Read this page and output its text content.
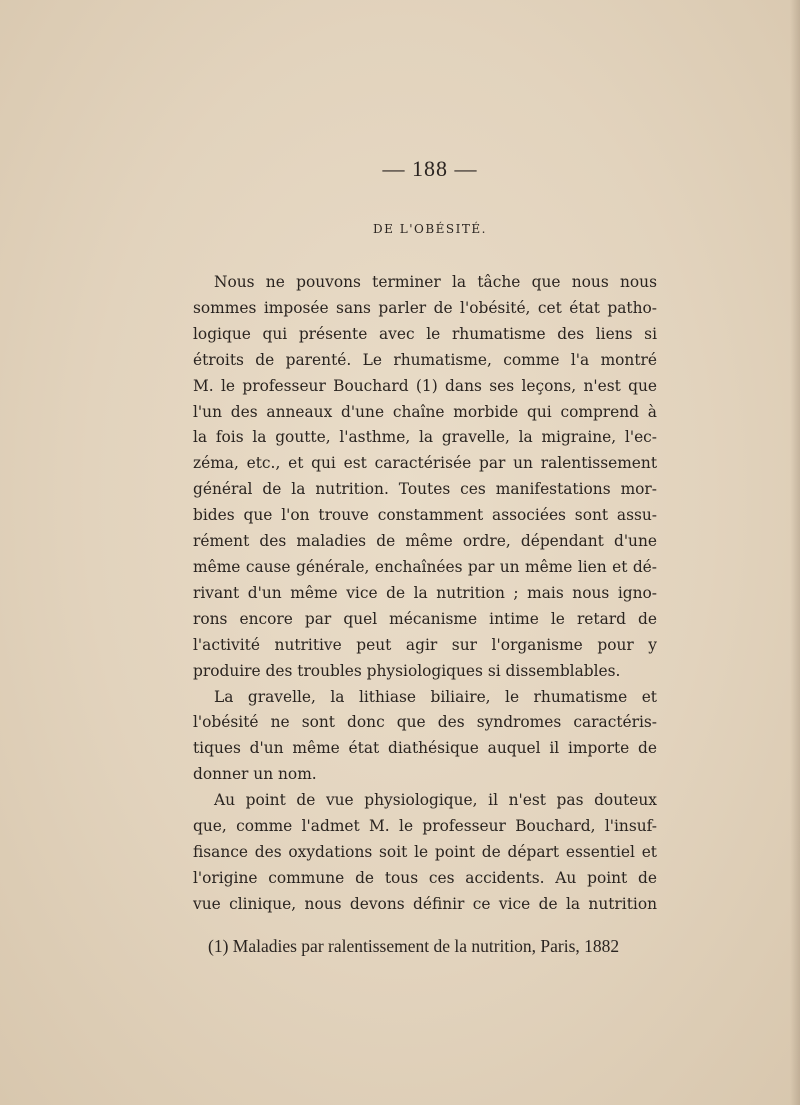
— 188 —
DE L'OBÉSITÉ.
Nous ne pouvons terminer la tâche que nous nous
sommes imposée sans parler de l'obésité, cet état patho-
logique qui présente avec le rhumatisme des liens si
étroits de parenté. Le rhumatisme, comme l'a montré
M. le professeur Bouchard (1) dans ses leçons, n'est que
l'un des anneaux d'une chaîne morbide qui comprend à
la fois la goutte, l'asthme, la gravelle, la migraine, l'ec-
zéma, etc., et qui est caractérisée par un ralentissement
général de la nutrition. Toutes ces manifestations mor-
bides que l'on trouve constamment associées sont assu-
rément des maladies de même ordre, dépendant d'une
même cause générale, enchaînées par un même lien et dé-
rivant d'un même vice de la nutrition ; mais nous igno-
rons encore par quel mécanisme intime le retard de
l'activité nutritive peut agir sur l'organisme pour y
produire des troubles physiologiques si dissemblables.
La gravelle, la lithiase biliaire, le rhumatisme et
l'obésité ne sont donc que des syndromes caractéris-
tiques d'un même état diathésique auquel il importe de
donner un nom.
Au point de vue physiologique, il n'est pas douteux
que, comme l'admet M. le professeur Bouchard, l'insuf-
fisance des oxydations soit le point de départ essentiel et
l'origine commune de tous ces accidents. Au point de
vue clinique, nous devons définir ce vice de la nutrition
(1) Maladies par ralentissement de la nutrition, Paris, 1882
